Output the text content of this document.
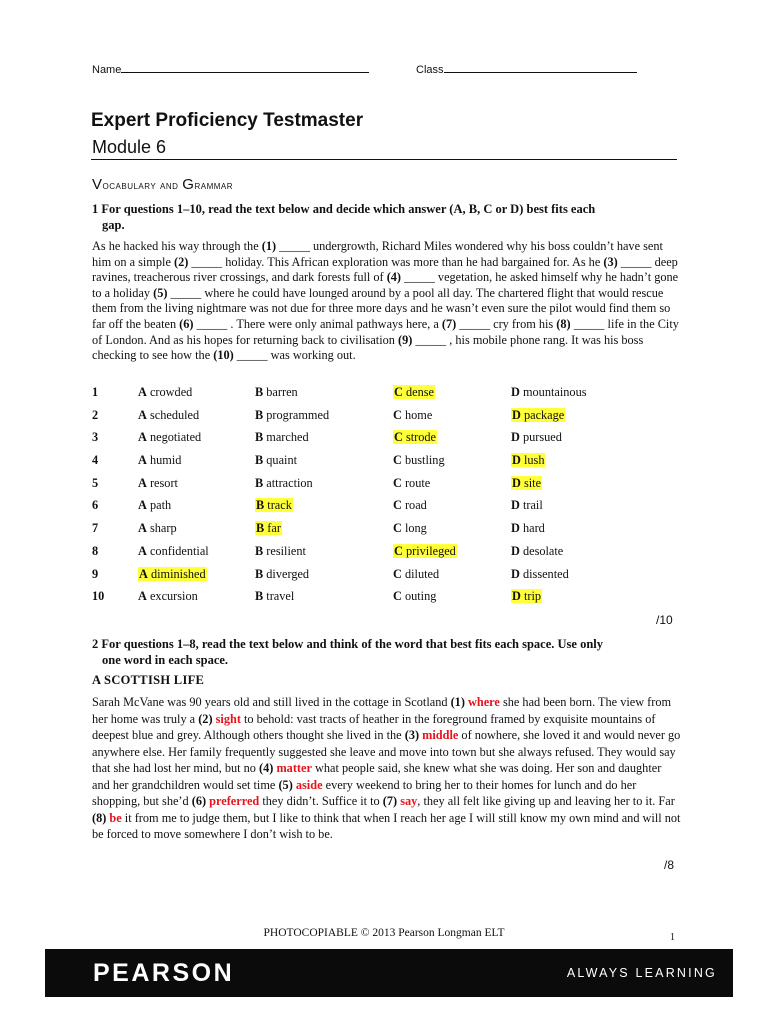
Name	Class
Expert Proficiency Testmaster
Module 6
Vocabulary and Grammar
1 For questions 1–10, read the text below and decide which answer (A, B, C or D) best fits each
gap.
As he hacked his way through the (1) _____ undergrowth, Richard Miles wondered why his boss couldn’t have sent him on a simple (2) _____ holiday. This African exploration was more than he had bargained for. As he (3) _____ deep ravines, treacherous river crossings, and dark forests full of (4) _____ vegetation, he asked himself why he hadn’t gone to a holiday (5) _____ where he could have lounged around by a pool all day. The chartered flight that would rescue them from the living nightmare was not due for three more days and he wasn’t even sure the pilot would find them so far off the beaten (6) _____ . There were only animal pathways here, a (7) _____ cry from his (8) _____ life in the City of London. And as his hopes for returning back to civilisation (9) _____ , his mobile phone rang. It was his boss checking to see how the (10) _____ was working out.
1	A crowded	B barren	C dense	D mountainous
2	A scheduled	B programmed	C home	D package
3	A negotiated	B marched	C strode	D pursued
4	A humid	B quaint	C bustling	D lush
5	A resort	B attraction	C route	D site
6	A path	B track	C road	D trail
7	A sharp	B far	C long	D hard
8	A confidential	B resilient	C privileged	D desolate
9	A diminished	B diverged	C diluted	D dissented
10	A excursion	B travel	C outing	D trip
/10
2 For questions 1–8, read the text below and think of the word that best fits each space. Use only
one word in each space.
A SCOTTISH LIFE
Sarah McVane was 90 years old and still lived in the cottage in Scotland (1) where she had been born. The view from her home was truly a (2) sight to behold: vast tracts of heather in the foreground framed by exquisite mountains of deepest blue and grey. Although others thought she lived in the (3) middle of nowhere, she loved it and would never go anywhere else. Her family frequently suggested she leave and move into town but she always refused. They would say that she had lost her mind, but no (4) matter what people said, she knew what she was doing. Her son and daughter and her grandchildren would set time (5) aside every weekend to bring her to their homes for lunch and do her shopping, but she’d (6) preferred they didn’t. Suffice it to (7) say, they all felt like giving up and leaving her to it. Far (8) be it from me to judge them, but I like to think that when I reach her age I will still know my own mind and will not be forced to move somewhere I don’t wish to be.
/8
PHOTOCOPIABLE © 2013 Pearson Longman ELT	1
PEARSON	ALWAYS LEARNING
